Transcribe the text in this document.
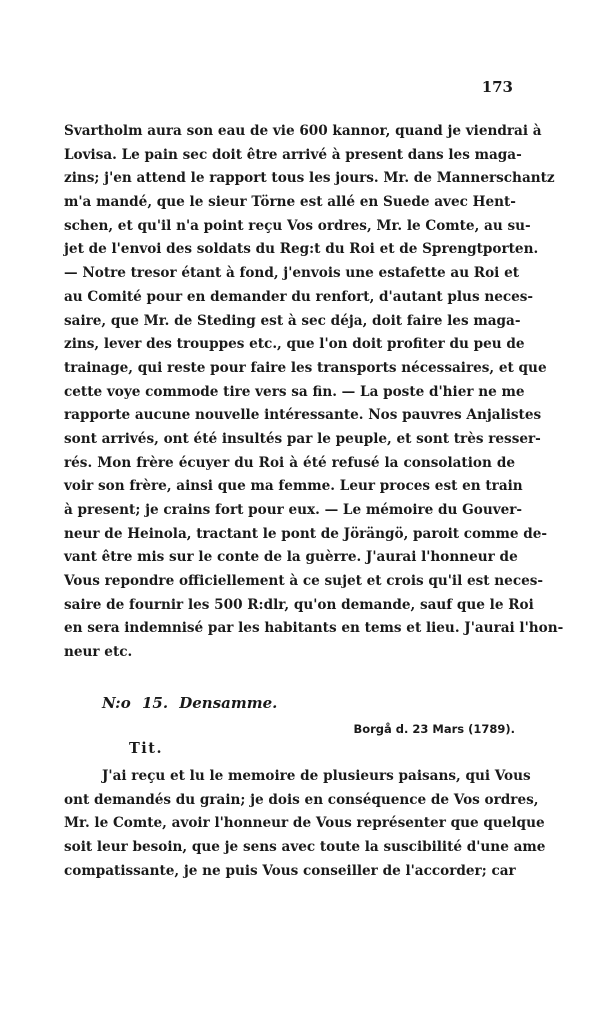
173
Svartholm aura son eau de vie 600 kannor, quand je viendrai à
Lovisa. Le pain sec doit être arrivé à present dans les maga-
zins; j'en attend le rapport tous les jours. Mr. de Mannerschantz
m'a mandé, que le sieur Törne est allé en Suede avec Hent-
schen, et qu'il n'a point reçu Vos ordres, Mr. le Comte, au su-
jet de l'envoi des soldats du Reg:t du Roi et de Sprengtporten.
— Notre tresor étant à fond, j'envois une estafette au Roi et
au Comité pour en demander du renfort, d'autant plus neces-
saire, que Mr. de Steding est à sec déja, doit faire les maga-
zins, lever des trouppes etc., que l'on doit profiter du peu de
trainage, qui reste pour faire les transports nécessaires, et que
cette voye commode tire vers sa fin. — La poste d'hier ne me
rapporte aucune nouvelle intéressante. Nos pauvres Anjalistes
sont arrivés, ont été insultés par le peuple, et sont très resser-
rés. Mon frère écuyer du Roi à été refusé la consolation de
voir son frère, ainsi que ma femme. Leur proces est en train
à present; je crains fort pour eux. — Le mémoire du Gouver-
neur de Heinola, tractant le pont de Jörängö, paroit comme de-
vant être mis sur le conte de la guèrre. J'aurai l'honneur de
Vous repondre officiellement à ce sujet et crois qu'il est neces-
saire de fournir les 500 R:dlr, qu'on demande, sauf que le Roi
en sera indemnisé par les habitants en tems et lieu. J'aurai l'hon-
neur etc.
N:o 15. Densamme.
Borgå d. 23 Mars (1789).
Tit.
J'ai reçu et lu le memoire de plusieurs paisans, qui Vous
ont demandés du grain; je dois en conséquence de Vos ordres,
Mr. le Comte, avoir l'honneur de Vous représenter que quelque
soit leur besoin, que je sens avec toute la suscibilité d'une ame
compatissante, je ne puis Vous conseiller de l'accorder; car
